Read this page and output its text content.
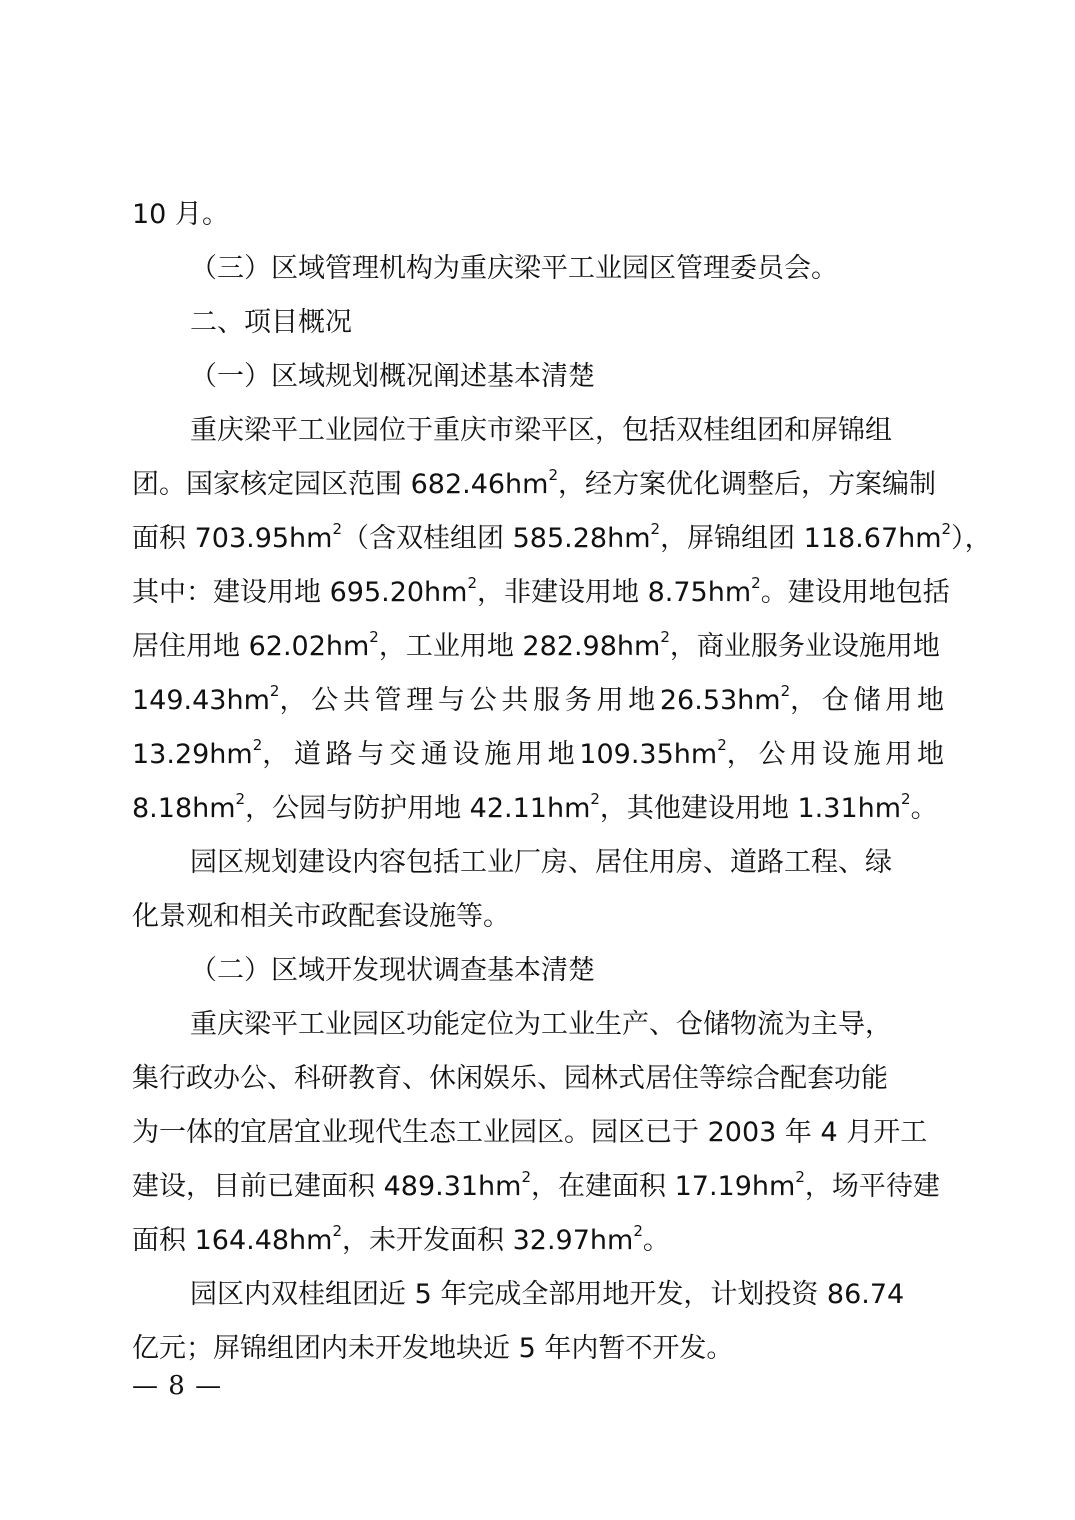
10 月。
（三）区域管理机构为重庆梁平工业园区管理委员会。
二、项目概况
（一）区域规划概况阐述基本清楚
重庆梁平工业园位于重庆市梁平区，包括双桂组团和屏锦组
团。国家核定园区范围 $682.46hm^2$，经方案优化调整后，方案编制
面积 $703.95hm^2$（含双桂组团 $585.28hm^2$，屏锦组团 $118.67hm^2$），
其中：建设用地 $695.20hm^2$，非建设用地 $8.75hm^2$。建设用地包括
居住用地 $62.02hm^2$，工业用地 $282.98hm^2$，商业服务业设施用地
$149.43hm^2$， 公 共 管 理 与 公 共 服 务 用 地 $26.53hm^2$， 仓 储 用 地
$13.29hm^2$， 道 路 与 交 通 设 施 用 地 $109.35hm^2$， 公 用 设 施 用 地
$8.18hm^2$，公园与防护用地 $42.11hm^2$，其他建设用地 $1.31hm^2$。
园区规划建设内容包括工业厂房、居住用房、道路工程、绿
化景观和相关市政配套设施等。
（二）区域开发现状调查基本清楚
重庆梁平工业园区功能定位为工业生产、仓储物流为主导，
集行政办公、科研教育、休闲娱乐、园林式居住等综合配套功能
为一体的宜居宜业现代生态工业园区。园区已于 2003 年 4 月开工
建设，目前已建面积 $489.31hm^2$，在建面积 $17.19hm^2$，场平待建
面积 $164.48hm^2$，未开发面积 $32.97hm^2$。
园区内双桂组团近 5 年完成全部用地开发，计划投资 86.74
亿元；屏锦组团内未开发地块近 5 年内暂不开发。
— 8 —
